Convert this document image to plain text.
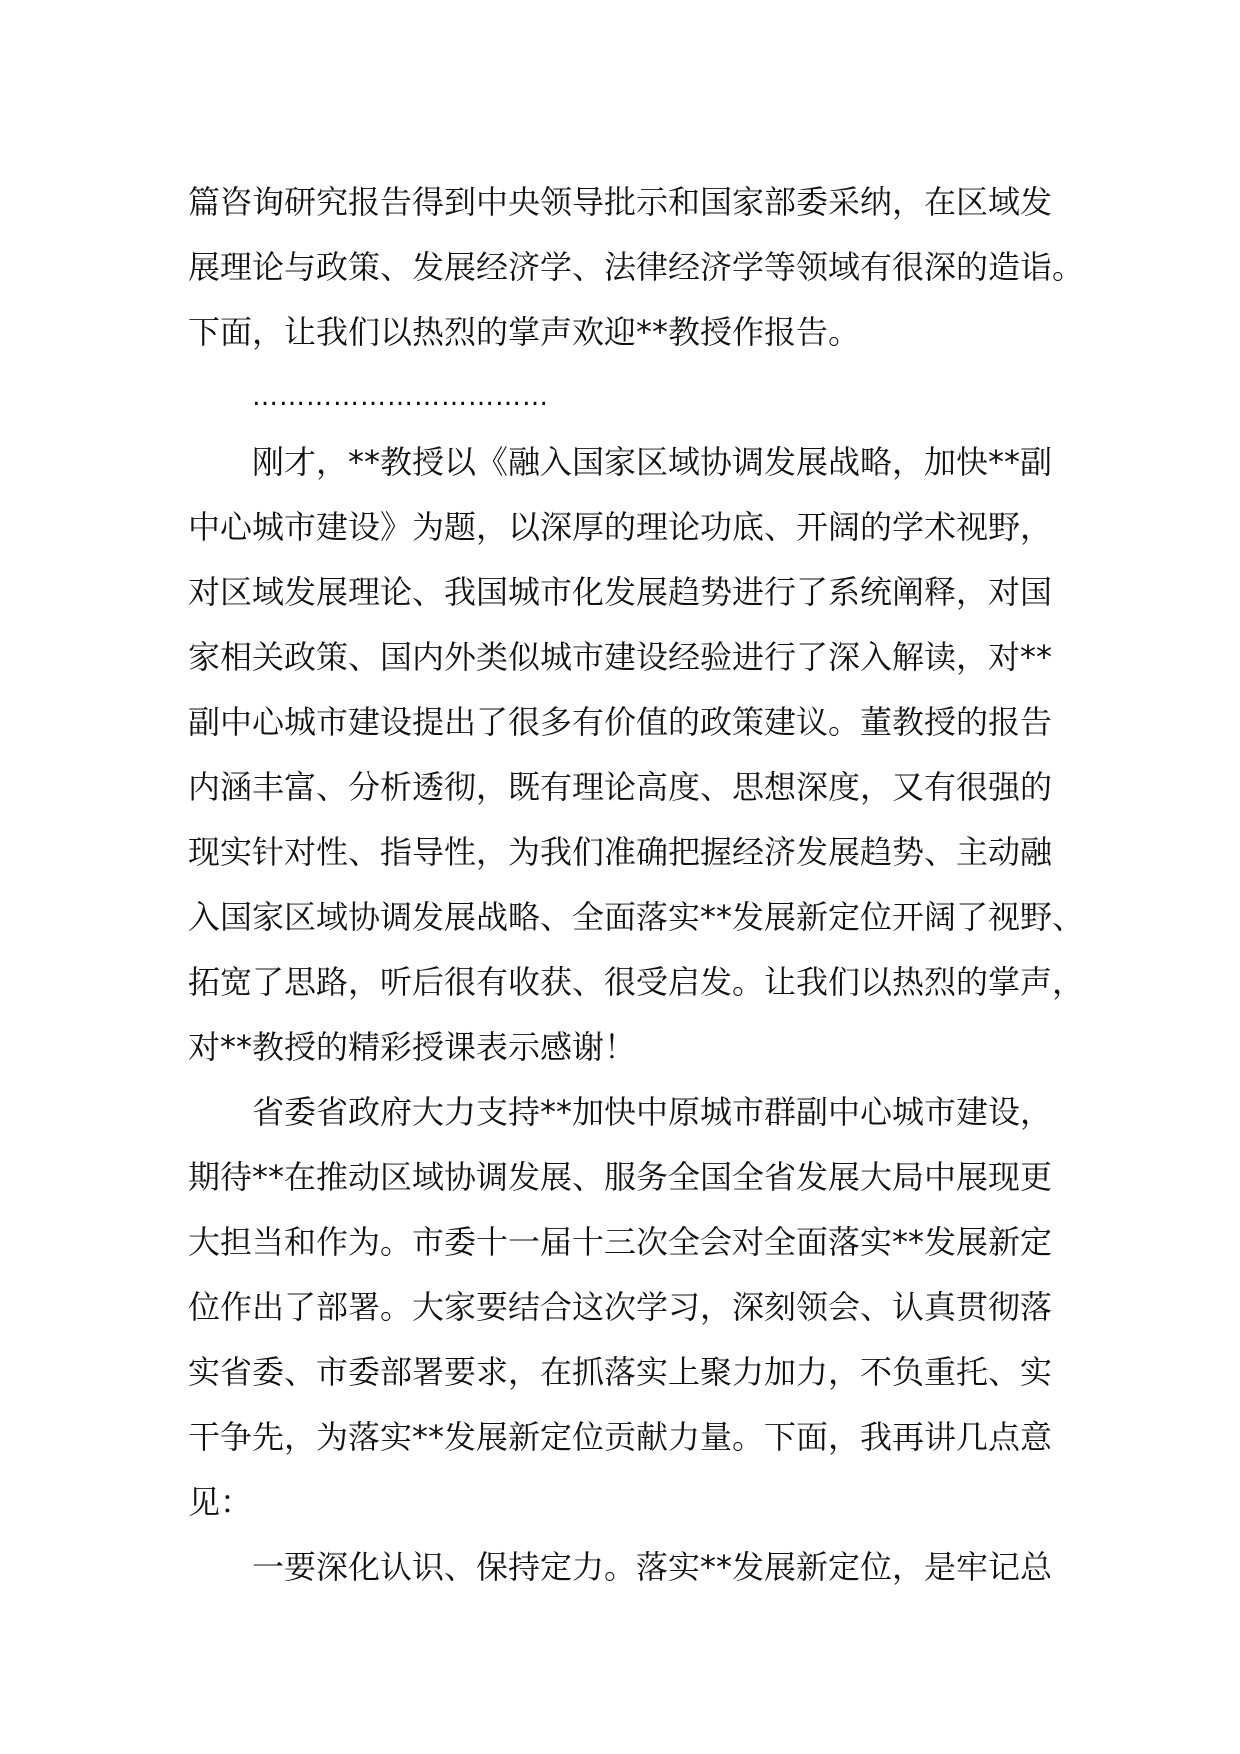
篇咨询研究报告得到中央领导批示和国家部委采纳，在区域发
展理论与政策、发展经济学、法律经济学等领域有很深的造诣。
下面，让我们以热烈的掌声欢迎**教授作报告。
……………………………
刚才，**教授以《融入国家区域协调发展战略，加快**副
中心城市建设》为题，以深厚的理论功底、开阔的学术视野，
对区域发展理论、我国城市化发展趋势进行了系统阐释，对国
家相关政策、国内外类似城市建设经验进行了深入解读，对**
副中心城市建设提出了很多有价值的政策建议。董教授的报告
内涵丰富、分析透彻，既有理论高度、思想深度，又有很强的
现实针对性、指导性，为我们准确把握经济发展趋势、主动融
入国家区域协调发展战略、全面落实**发展新定位开阔了视野、
拓宽了思路，听后很有收获、很受启发。让我们以热烈的掌声，
对**教授的精彩授课表示感谢！
省委省政府大力支持**加快中原城市群副中心城市建设，
期待**在推动区域协调发展、服务全国全省发展大局中展现更
大担当和作为。市委十一届十三次全会对全面落实**发展新定
位作出了部署。大家要结合这次学习，深刻领会、认真贯彻落
实省委、市委部署要求，在抓落实上聚力加力，不负重托、实
干争先，为落实**发展新定位贡献力量。下面，我再讲几点意
见：
一要深化认识、保持定力。落实**发展新定位，是牢记总
